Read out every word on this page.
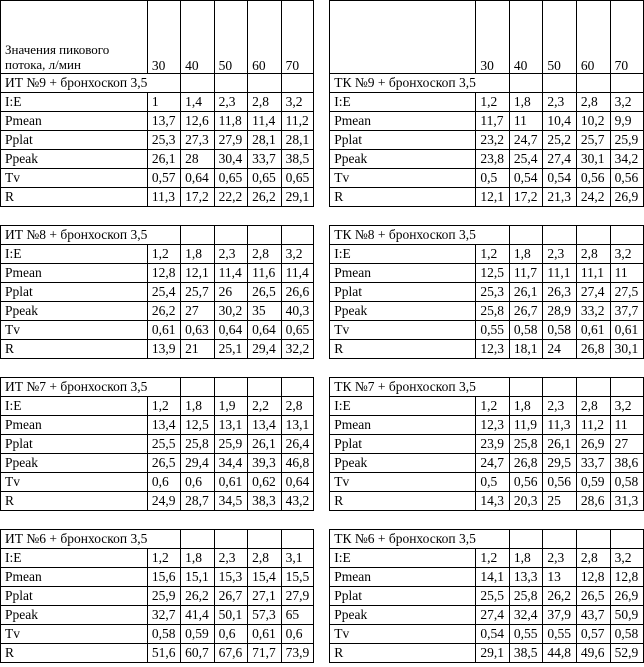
Значения пикового потока, л/мин	30	40	50	60	70			30	40	50	60	70
ИТ №9 + бронхоскоп 3,5							ТК №9 + бронхоскоп 3,5					
I:E	1	1,4	2,3	2,8	3,2		I:E	1,2	1,8	2,3	2,8	3,2
Pmean	13,7	12,6	11,8	11,4	11,2		Pmean	11,7	11	10,4	10,2	9,9
Pplat	25,3	27,3	27,9	28,1	28,1		Pplat	23,2	24,7	25,2	25,7	25,9
Ppeak	26,1	28	30,4	33,7	38,5		Ppeak	23,8	25,4	27,4	30,1	34,2
Tv	0,57	0,64	0,65	0,65	0,65		Tv	0,5	0,54	0,54	0,56	0,56
R	11,3	17,2	22,2	26,2	29,1		R	12,1	17,2	21,3	24,2	26,9

ИТ №8 + бронхоскоп 3,5							ТК №8 + бронхоскоп 3,5					
I:E	1,2	1,8	2,3	2,8	3,2		I:E	1,2	1,8	2,3	2,8	3,2
Pmean	12,8	12,1	11,4	11,6	11,4		Pmean	12,5	11,7	11,1	11,1	11
Pplat	25,4	25,7	26	26,5	26,6		Pplat	25,3	26,1	26,3	27,4	27,5
Ppeak	26,2	27	30,2	35	40,3		Ppeak	25,8	26,7	28,9	33,2	37,7
Tv	0,61	0,63	0,64	0,64	0,65		Tv	0,55	0,58	0,58	0,61	0,61
R	13,9	21	25,1	29,4	32,2		R	12,3	18,1	24	26,8	30,1

ИТ №7 + бронхоскоп 3,5							ТК №7 + бронхоскоп 3,5					
I:E	1,2	1,8	1,9	2,2	2,8		I:E	1,2	1,8	2,3	2,8	3,2
Pmean	13,4	12,5	13,1	13,4	13,1		Pmean	12,3	11,9	11,3	11,2	11
Pplat	25,5	25,8	25,9	26,1	26,4		Pplat	23,9	25,8	26,1	26,9	27
Ppeak	26,5	29,4	34,4	39,3	46,8		Ppeak	24,7	26,8	29,5	33,7	38,6
Tv	0,6	0,6	0,61	0,62	0,64		Tv	0,5	0,56	0,56	0,59	0,58
R	24,9	28,7	34,5	38,3	43,2		R	14,3	20,3	25	28,6	31,3

ИТ №6 + бронхоскоп 3,5							ТК №6 + бронхоскоп 3,5					
I:E	1,2	1,8	2,3	2,8	3,1		I:E	1,2	1,8	2,3	2,8	3,2
Pmean	15,6	15,1	15,3	15,4	15,5		Pmean	14,1	13,3	13	12,8	12,8
Pplat	25,9	26,2	26,7	27,1	27,9		Pplat	25,5	25,8	26,2	26,5	26,9
Ppeak	32,7	41,4	50,1	57,3	65		Ppeak	27,4	32,4	37,9	43,7	50,9
Tv	0,58	0,59	0,6	0,61	0,6		Tv	0,54	0,55	0,55	0,57	0,58
R	51,6	60,7	67,6	71,7	73,9		R	29,1	38,5	44,8	49,6	52,9
